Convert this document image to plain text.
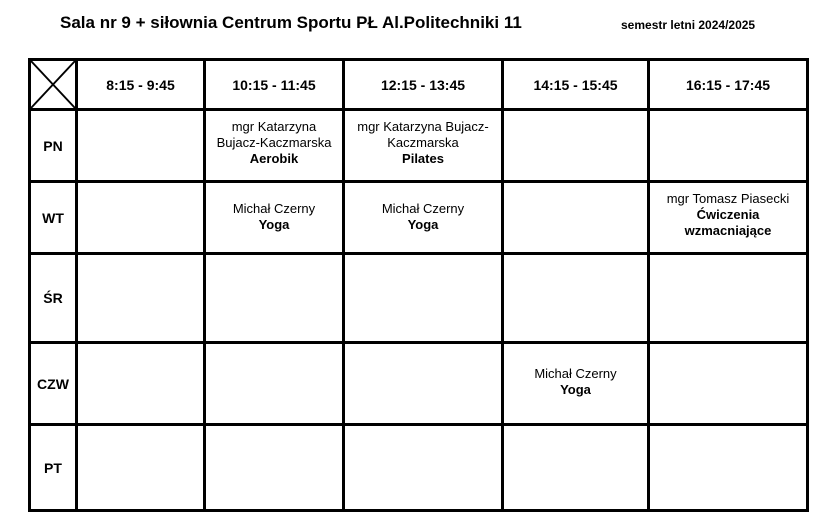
Sala nr 9 + siłownia Centrum Sportu PŁ Al.Politechniki 11	semestr letni 2024/2025
	8:15 - 9:45	10:15 - 11:45	12:15 - 13:45	14:15 - 15:45	16:15 - 17:45
PN		mgr Katarzyna
Bujacz-Kaczmarska
Aerobik	mgr Katarzyna Bujacz-
Kaczmarska
Pilates		

WT		Michał Czerny
Yoga	Michał Czerny
Yoga		mgr Tomasz Piasecki
Ćwiczenia
wzmacniające

ŚR					
CZW				Michał Czerny
Yoga	

PT					
